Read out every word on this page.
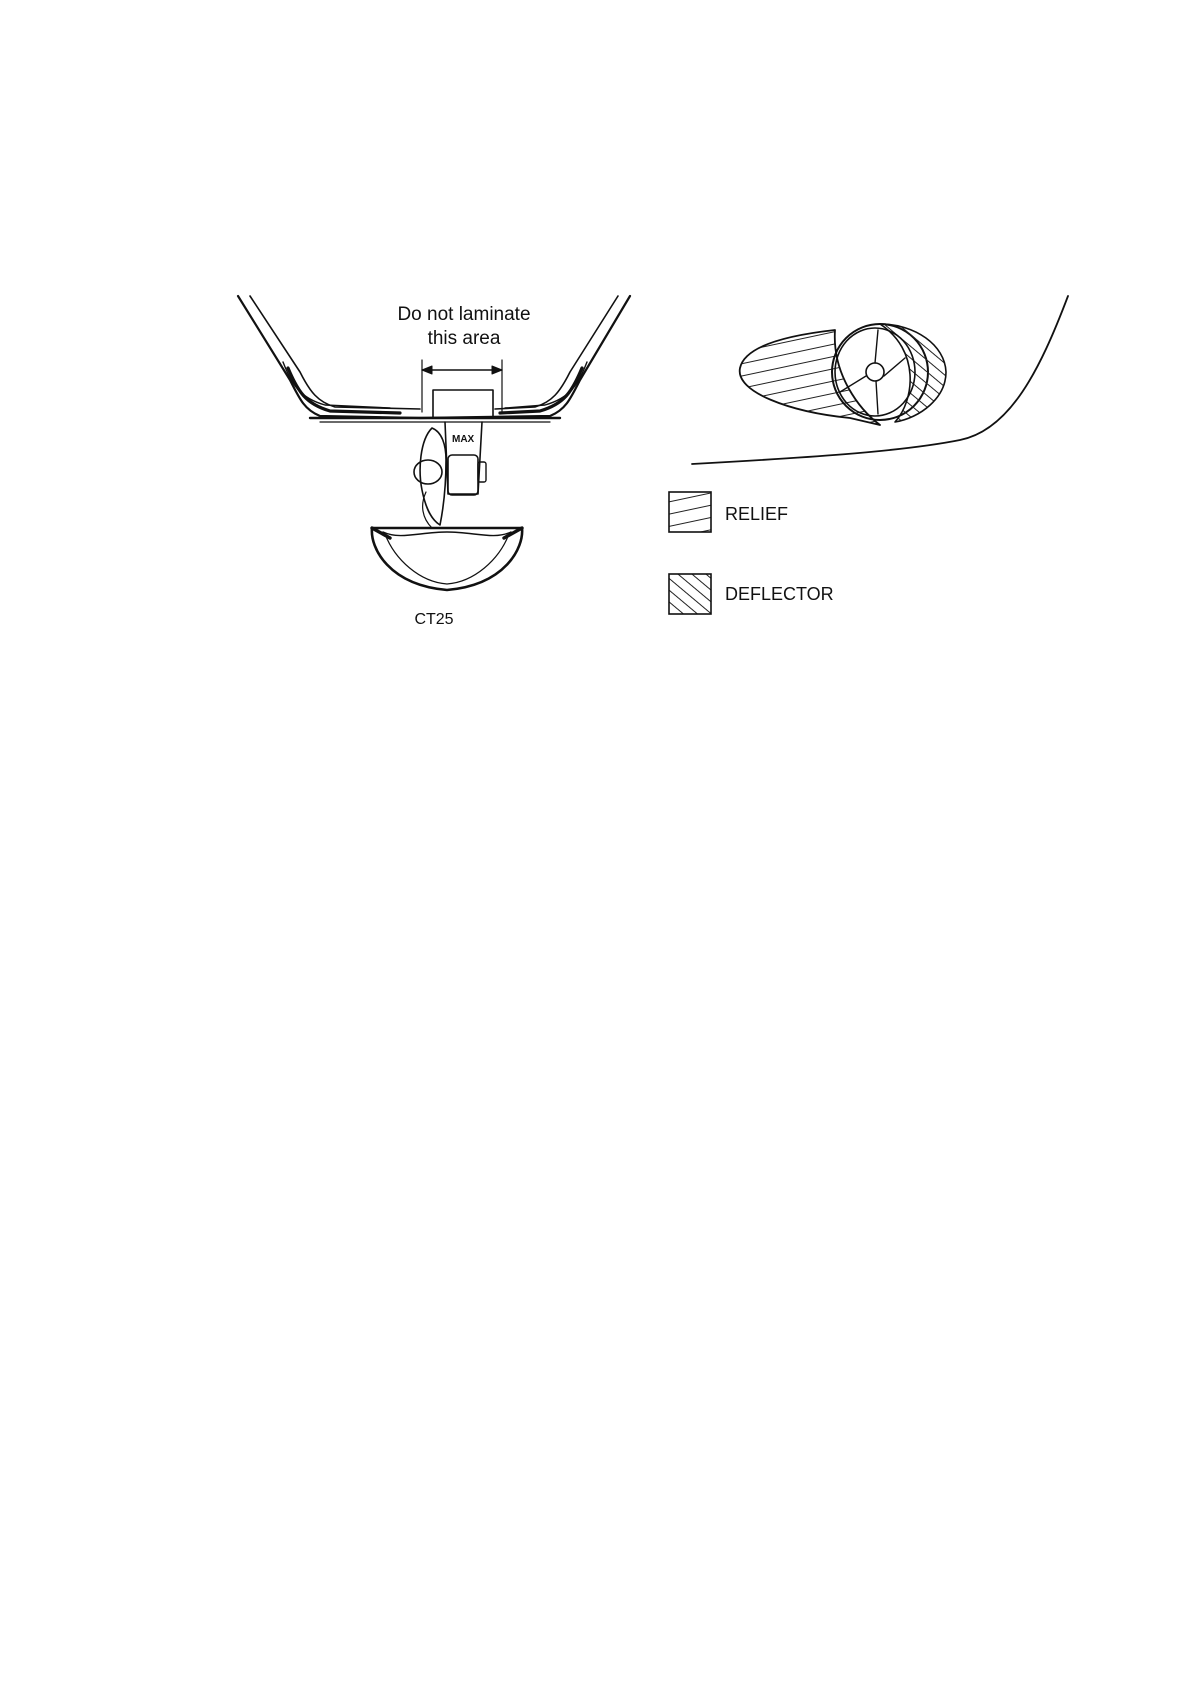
MAX
Do not laminate
this area
CT25
RELIEF
DEFLECTOR
